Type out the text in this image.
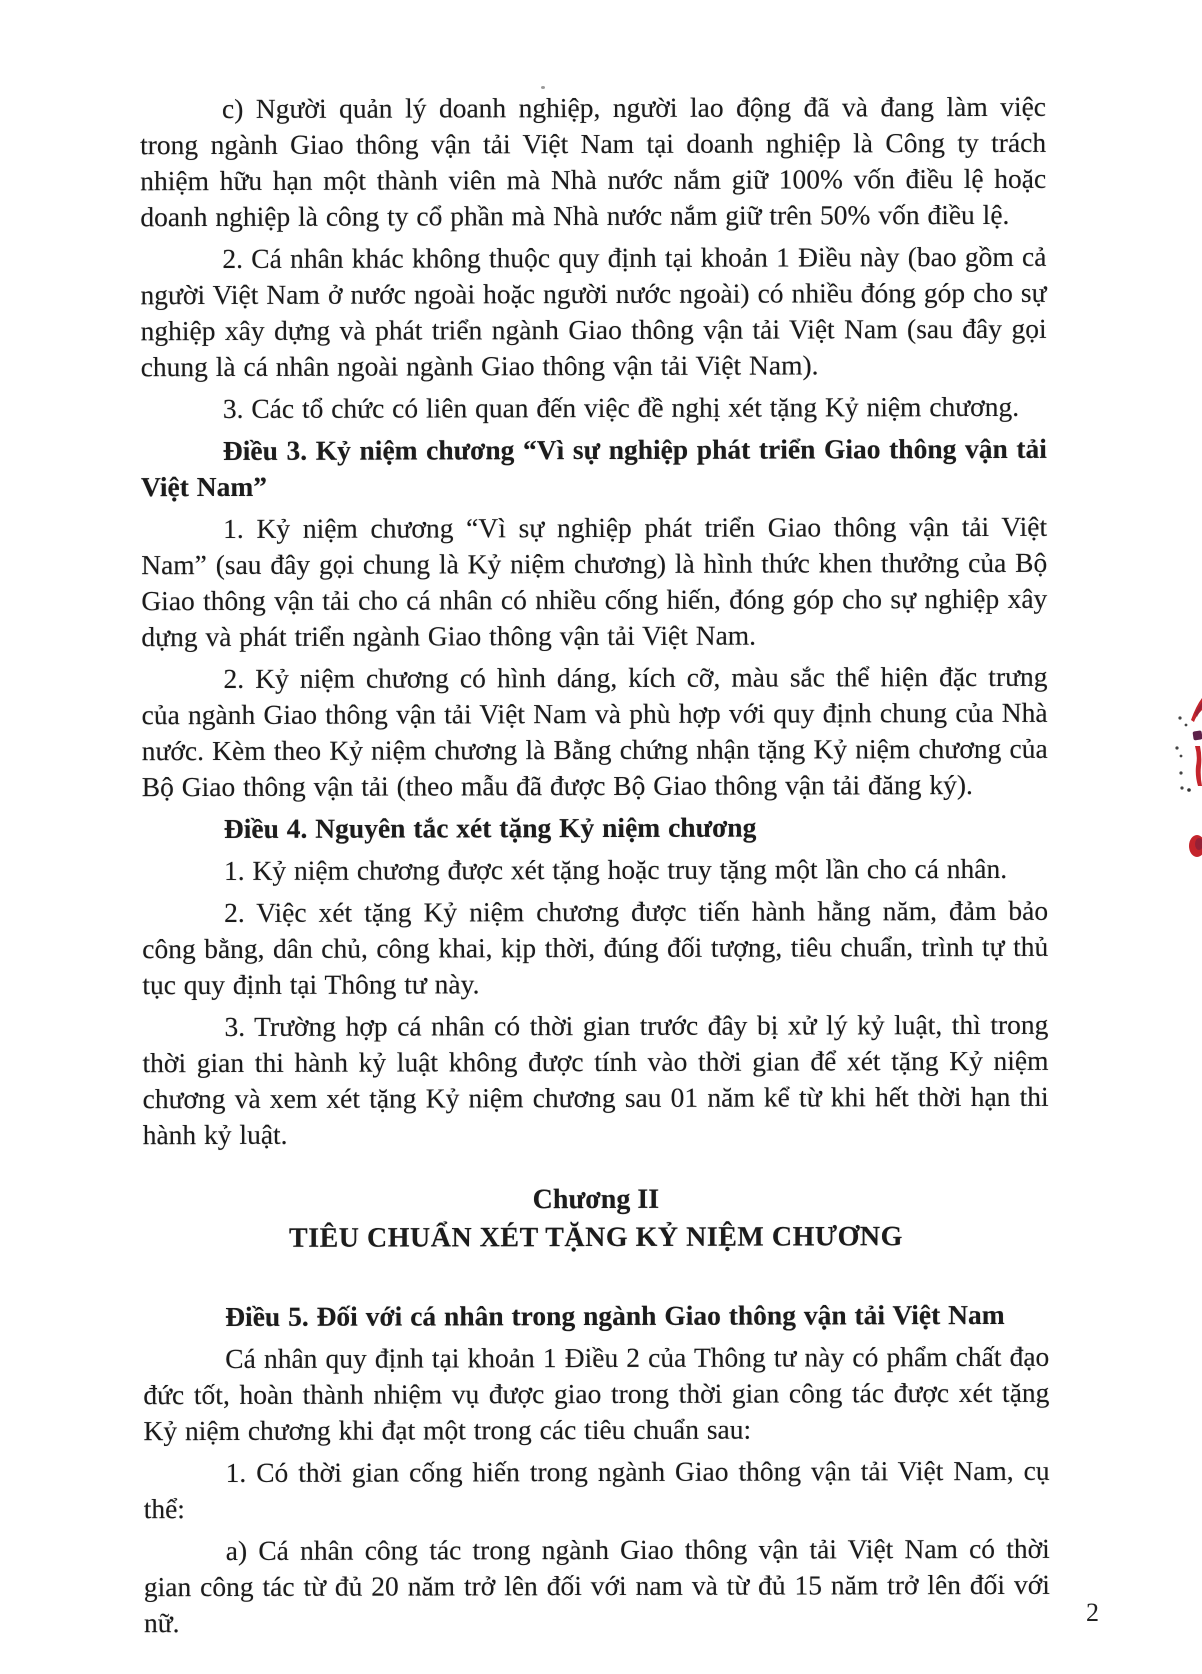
c) Người quản lý doanh nghiệp, người lao động đã và đang làm việc trong ngành Giao thông vận tải Việt Nam tại doanh nghiệp là Công ty trách nhiệm hữu hạn một thành viên mà Nhà nước nắm giữ 100% vốn điều lệ hoặc doanh nghiệp là công ty cổ phần mà Nhà nước nắm giữ trên 50% vốn điều lệ.

2. Cá nhân khác không thuộc quy định tại khoản 1 Điều này (bao gồm cả người Việt Nam ở nước ngoài hoặc người nước ngoài) có nhiều đóng góp cho sự nghiệp xây dựng và phát triển ngành Giao thông vận tải Việt Nam (sau đây gọi chung là cá nhân ngoài ngành Giao thông vận tải Việt Nam).

3. Các tổ chức có liên quan đến việc đề nghị xét tặng Kỷ niệm chương.

Điều 3. Kỷ niệm chương “Vì sự nghiệp phát triển Giao thông vận tải Việt Nam”

1. Kỷ niệm chương “Vì sự nghiệp phát triển Giao thông vận tải Việt Nam” (sau đây gọi chung là Kỷ niệm chương) là hình thức khen thưởng của Bộ Giao thông vận tải cho cá nhân có nhiều cống hiến, đóng góp cho sự nghiệp xây dựng và phát triển ngành Giao thông vận tải Việt Nam.

2. Kỷ niệm chương có hình dáng, kích cỡ, màu sắc thể hiện đặc trưng của ngành Giao thông vận tải Việt Nam và phù hợp với quy định chung của Nhà nước. Kèm theo Kỷ niệm chương là Bằng chứng nhận tặng Kỷ niệm chương của Bộ Giao thông vận tải (theo mẫu đã được Bộ Giao thông vận tải đăng ký).

Điều 4. Nguyên tắc xét tặng Kỷ niệm chương

1. Kỷ niệm chương được xét tặng hoặc truy tặng một lần cho cá nhân.

2. Việc xét tặng Kỷ niệm chương được tiến hành hằng năm, đảm bảo công bằng, dân chủ, công khai, kịp thời, đúng đối tượng, tiêu chuẩn, trình tự thủ tục quy định tại Thông tư này.

3. Trường hợp cá nhân có thời gian trước đây bị xử lý kỷ luật, thì trong thời gian thi hành kỷ luật không được tính vào thời gian để xét tặng Kỷ niệm chương và xem xét tặng Kỷ niệm chương sau 01 năm kể từ khi hết thời hạn thi hành kỷ luật.

Chương II

TIÊU CHUẨN XÉT TẶNG KỶ NIỆM CHƯƠNG

Điều 5. Đối với cá nhân trong ngành Giao thông vận tải Việt Nam

Cá nhân quy định tại khoản 1 Điều 2 của Thông tư này có phẩm chất đạo đức tốt, hoàn thành nhiệm vụ được giao trong thời gian công tác được xét tặng Kỷ niệm chương khi đạt một trong các tiêu chuẩn sau:

1. Có thời gian cống hiến trong ngành Giao thông vận tải Việt Nam, cụ thể:

a) Cá nhân công tác trong ngành Giao thông vận tải Việt Nam có thời gian công tác từ đủ 20 năm trở lên đối với nam và từ đủ 15 năm trở lên đối với nữ.	2
